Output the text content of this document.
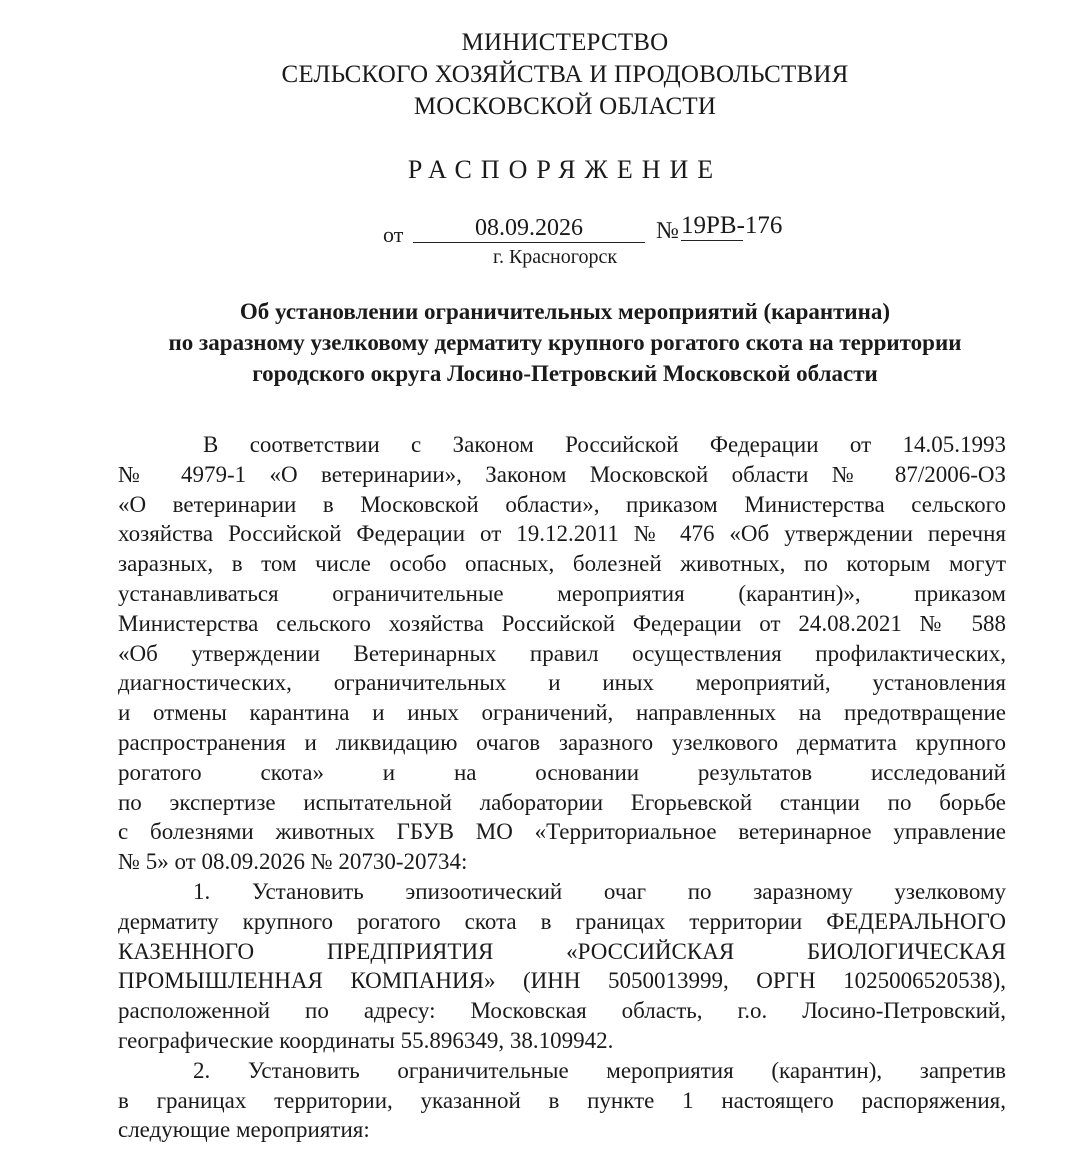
МИНИСТЕРСТВО
СЕЛЬСКОГО ХОЗЯЙСТВА И ПРОДОВОЛЬСТВИЯ
МОСКОВСКОЙ ОБЛАСТИ
РАСПОРЯЖЕНИЕ
от	08.09.2026	№ 19РВ-176
г. Красногорск
Об установлении ограничительных мероприятий (карантина)
по заразному узелковому дерматиту крупного рогатого скота на территории
городского округа Лосино-Петровский Московской области
В соответствии с Законом Российской Федерации от 14.05.1993
№ 4979-1 «О ветеринарии», Законом Московской области № 87/2006-ОЗ
«О ветеринарии в Московской области», приказом Министерства сельского
хозяйства Российской Федерации от 19.12.2011 № 476 «Об утверждении перечня
заразных, в том числе особо опасных, болезней животных, по которым могут
устанавливаться ограничительные мероприятия (карантин)», приказом
Министерства сельского хозяйства Российской Федерации от 24.08.2021 № 588
«Об утверждении Ветеринарных правил осуществления профилактических,
диагностических, ограничительных и иных мероприятий, установления
и отмены карантина и иных ограничений, направленных на предотвращение
распространения и ликвидацию очагов заразного узелкового дерматита крупного
рогатого скота» и на основании результатов исследований
по экспертизе испытательной лаборатории Егорьевской станции по борьбе
с болезнями животных ГБУВ МО «Территориальное ветеринарное управление
№ 5» от 08.09.2026 № 20730-20734:
1. Установить эпизоотический очаг по заразному узелковому
дерматиту крупного рогатого скота в границах территории ФЕДЕРАЛЬНОГО
КАЗЕННОГО ПРЕДПРИЯТИЯ «РОССИЙСКАЯ БИОЛОГИЧЕСКАЯ
ПРОМЫШЛЕННАЯ КОМПАНИЯ» (ИНН 5050013999, ОРГН 1025006520538),
расположенной по адресу: Московская область, г.о. Лосино-Петровский,
географические координаты 55.896349, 38.109942.
2. Установить ограничительные мероприятия (карантин), запретив
в границах территории, указанной в пункте 1 настоящего распоряжения,
следующие мероприятия:
